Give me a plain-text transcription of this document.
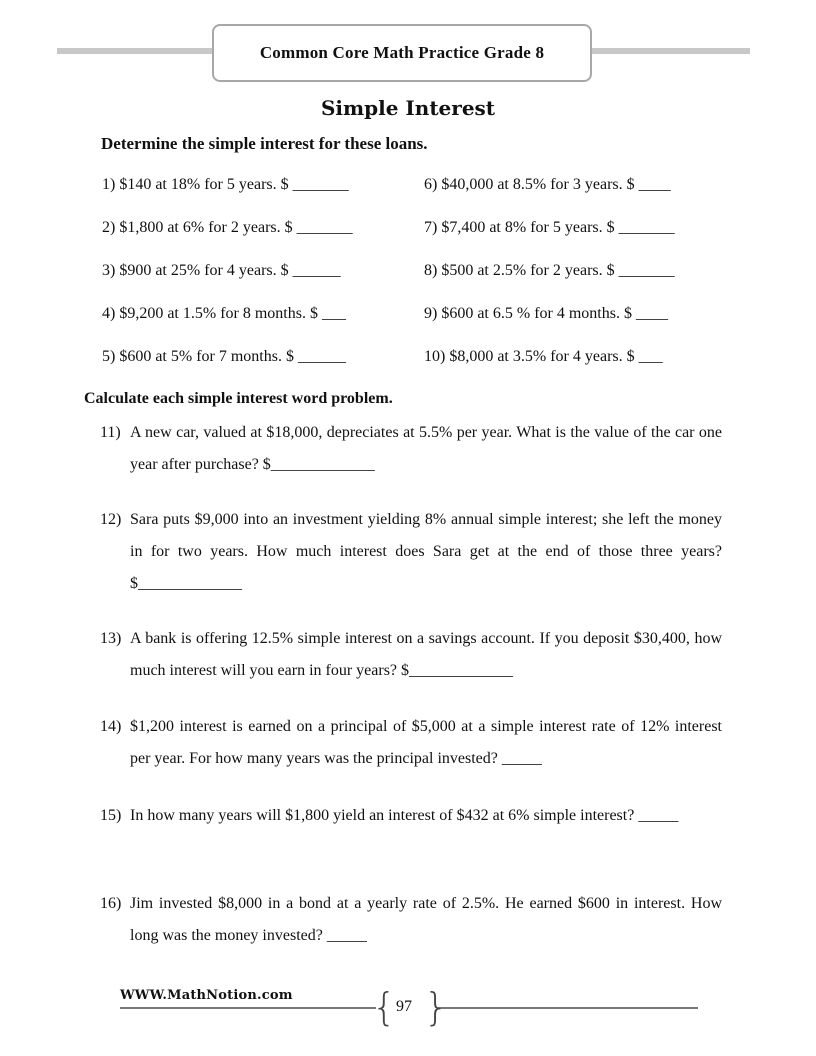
Common Core Math Practice Grade 8
Simple Interest
Determine the simple interest for these loans.
1) $140 at 18% for 5 years. $ _______
2) $1,800 at 6% for 2 years. $ _______
3) $900 at 25% for 4 years. $ ______
4) $9,200 at 1.5% for 8 months. $ ___
5) $600 at 5% for 7 months. $ ______
6) $40,000 at 8.5% for 3 years. $ ____
7) $7,400 at 8% for 5 years. $ _______
8) $500 at 2.5% for 2 years. $ _______
9) $600 at 6.5 % for 4 months. $ ____
10) $8,000 at 3.5% for 4 years. $ ___
Calculate each simple interest word problem.
11) A new car, valued at $18,000, depreciates at 5.5% per year. What is the value of the car one year after purchase? $_____________
12) Sara puts $9,000 into an investment yielding 8% annual simple interest; she left the money in for two years. How much interest does Sara get at the end of those three years? $_____________
13) A bank is offering 12.5% simple interest on a savings account. If you deposit $30,400, how much interest will you earn in four years? $_____________
14) $1,200 interest is earned on a principal of $5,000 at a simple interest rate of 12% interest per year. For how many years was the principal invested? _____
15) In how many years will $1,800 yield an interest of $432 at 6% simple interest? _____
16) Jim invested $8,000 in a bond at a yearly rate of 2.5%. He earned $600 in interest. How long was the money invested? _____
WWW.MathNotion.com { }
97
